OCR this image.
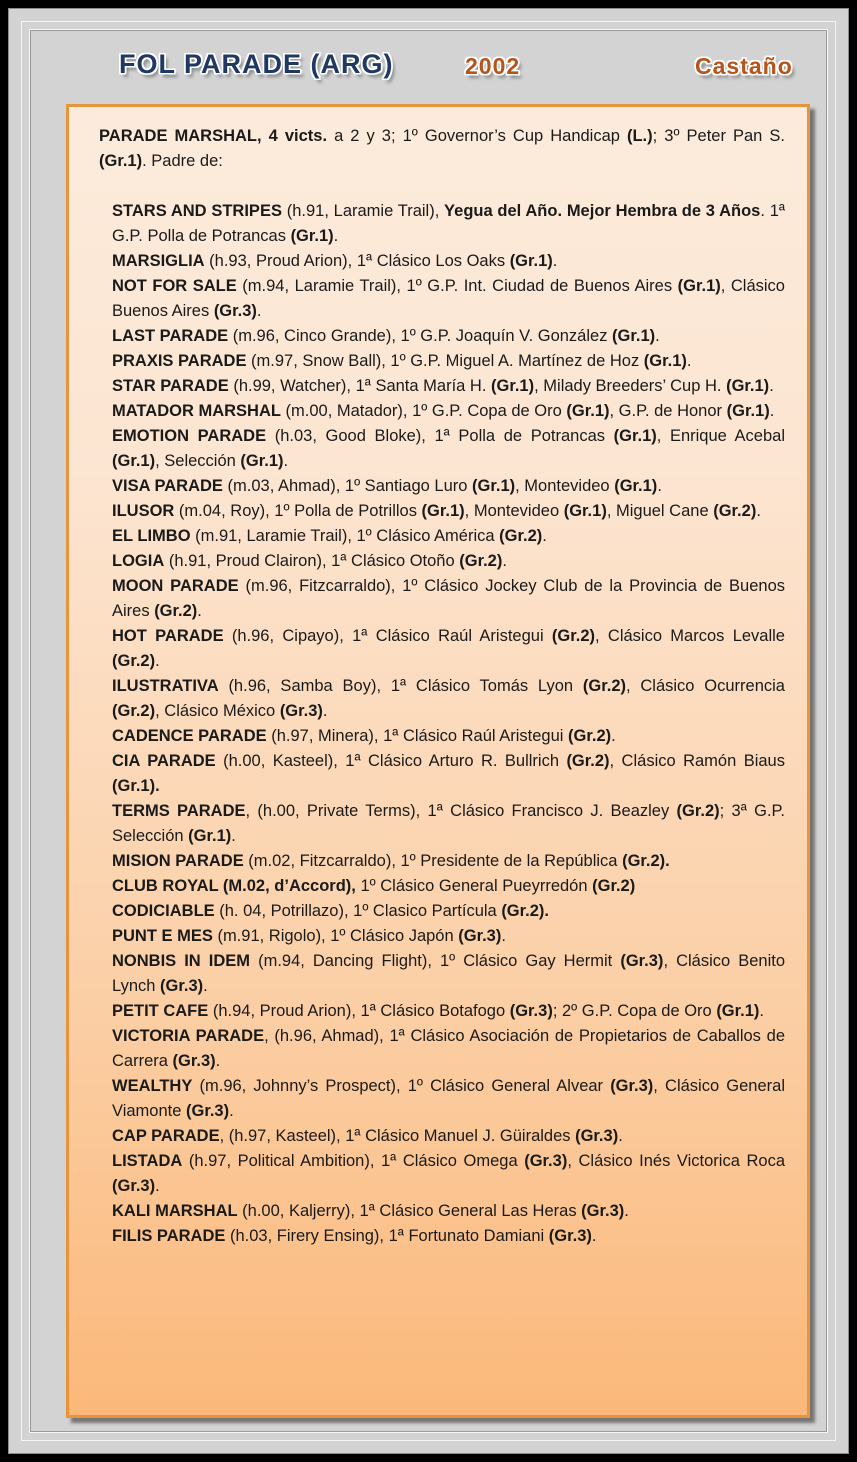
FOL PARADE (ARG)	2002	Castaño

PARADE MARSHAL, 4 victs. a 2 y 3; 1º Governor’s Cup Handicap (L.); 3º Peter Pan S. (Gr.1). Padre de:

STARS AND STRIPES (h.91, Laramie Trail), Yegua del Año. Mejor Hembra de 3 Años. 1ª G.P. Polla de Potrancas (Gr.1).

MARSIGLIA (h.93, Proud Arion), 1ª Clásico Los Oaks (Gr.1).

NOT FOR SALE (m.94, Laramie Trail), 1º G.P. Int. Ciudad de Buenos Aires (Gr.1), Clásico Buenos Aires (Gr.3).

LAST PARADE (m.96, Cinco Grande), 1º G.P. Joaquín V. González (Gr.1).

PRAXIS PARADE (m.97, Snow Ball), 1º G.P. Miguel A. Martínez de Hoz (Gr.1).

STAR PARADE (h.99, Watcher), 1ª Santa María H. (Gr.1), Milady Breeders’ Cup H. (Gr.1).

MATADOR MARSHAL (m.00, Matador), 1º G.P. Copa de Oro (Gr.1), G.P. de Honor (Gr.1).

EMOTION PARADE (h.03, Good Bloke), 1ª Polla de Potrancas (Gr.1), Enrique Acebal (Gr.1), Selección (Gr.1).

VISA PARADE (m.03, Ahmad), 1º Santiago Luro (Gr.1), Montevideo (Gr.1).

ILUSOR (m.04, Roy), 1º Polla de Potrillos (Gr.1), Montevideo (Gr.1), Miguel Cane (Gr.2).

EL LIMBO (m.91, Laramie Trail), 1º Clásico América (Gr.2).

LOGIA (h.91, Proud Clairon), 1ª Clásico Otoño (Gr.2).

MOON PARADE (m.96, Fitzcarraldo), 1º Clásico Jockey Club de la Provincia de Buenos Aires (Gr.2).

HOT PARADE (h.96, Cipayo), 1ª Clásico Raúl Aristegui (Gr.2), Clásico Marcos Levalle (Gr.2).

ILUSTRATIVA (h.96, Samba Boy), 1ª Clásico Tomás Lyon (Gr.2), Clásico Ocurrencia (Gr.2), Clásico México (Gr.3).

CADENCE PARADE (h.97, Minera), 1ª Clásico Raúl Aristegui (Gr.2).

CIA PARADE (h.00, Kasteel), 1ª Clásico Arturo R. Bullrich (Gr.2), Clásico Ramón Biaus (Gr.1).

TERMS PARADE, (h.00, Private Terms), 1ª Clásico Francisco J. Beazley (Gr.2); 3ª G.P. Selección (Gr.1).

MISION PARADE (m.02, Fitzcarraldo), 1º Presidente de la República (Gr.2).

CLUB ROYAL (M.02, d’Accord), 1º Clásico General Pueyrredón (Gr.2)

CODICIABLE (h. 04, Potrillazo), 1º Clasico Partícula (Gr.2).

PUNT E MES (m.91, Rigolo), 1º Clásico Japón (Gr.3).

NONBIS IN IDEM (m.94, Dancing Flight), 1º Clásico Gay Hermit (Gr.3), Clásico Benito Lynch (Gr.3).

PETIT CAFE (h.94, Proud Arion), 1ª Clásico Botafogo (Gr.3); 2º G.P. Copa de Oro (Gr.1).

VICTORIA PARADE, (h.96, Ahmad), 1ª Clásico Asociación de Propietarios de Caballos de Carrera (Gr.3).

WEALTHY (m.96, Johnny’s Prospect), 1º Clásico General Alvear (Gr.3), Clásico General Viamonte (Gr.3).

CAP PARADE, (h.97, Kasteel), 1ª Clásico Manuel J. Güiraldes (Gr.3).

LISTADA (h.97, Political Ambition), 1ª Clásico Omega (Gr.3), Clásico Inés Victorica Roca (Gr.3).

KALI MARSHAL (h.00, Kaljerry), 1ª Clásico General Las Heras (Gr.3).

FILIS PARADE (h.03, Firery Ensing), 1ª Fortunato Damiani (Gr.3).
